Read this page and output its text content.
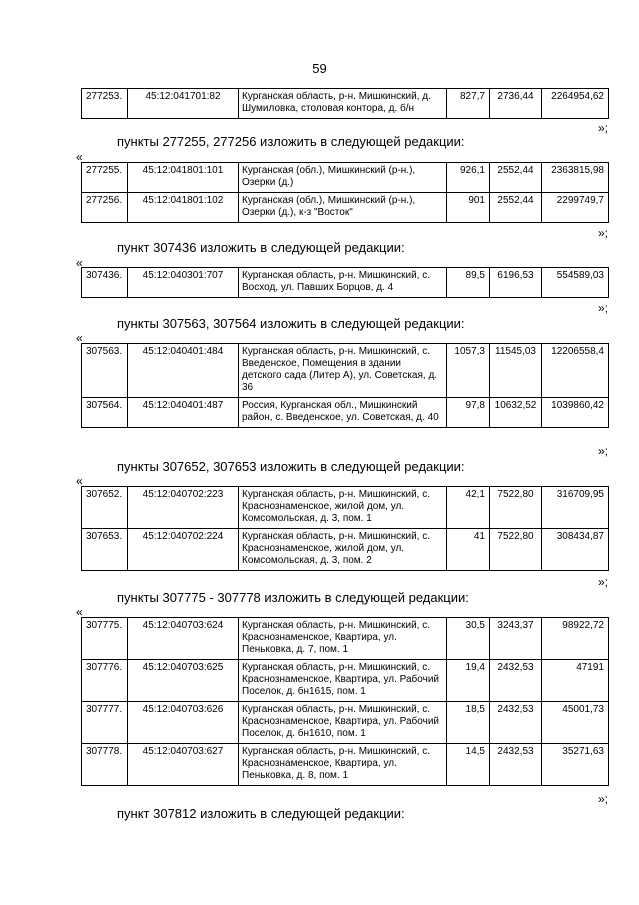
59
277253.	45:12:041701:82	Курганская область, р-н. Мишкинский, д. Шумиловка, столовая контора, д. б/н	827,7	2736,44	2264954,62
»;
пункты 277255, 277256 изложить в следующей редакции:
«
277255.	45:12:041801:101	Курганская (обл.), Мишкинский (р-н.), Озерки (д.)	926,1	2552,44	2363815,98
277256.	45:12:041801:102	Курганская (обл.), Мишкинский (р-н.), Озерки (д.), к-з "Восток"	901	2552,44	2299749,7
»;
пункт 307436 изложить в следующей редакции:
«
307436.	45:12:040301:707	Курганская область, р-н. Мишкинский, с. Восход, ул. Павших Борцов, д. 4	89,5	6196,53	554589,03
»;
пункты 307563, 307564 изложить в следующей редакции:
«
307563.	45:12:040401:484	Курганская область, р-н. Мишкинский, с. Введенское, Помещения в здании детского сада (Литер А), ул. Советская, д. 36	1057,3	11545,03	12206558,4
307564.	45:12:040401:487	Россия, Курганская обл., Мишкинский район, с. Введенское, ул. Советская, д. 40	97,8	10632,52	1039860,42
»;
пункты 307652, 307653 изложить в следующей редакции:
«
307652.	45:12:040702:223	Курганская область, р-н. Мишкинский, с. Краснознаменское, жилой дом, ул. Комсомольская, д. 3, пом. 1	42,1	7522,80	316709,95
307653.	45:12:040702:224	Курганская область, р-н. Мишкинский, с. Краснознаменское, жилой дом, ул. Комсомольская, д. 3, пом. 2	41	7522,80	308434,87
»;
пункты 307775 - 307778 изложить в следующей редакции:
«
307775.	45:12:040703:624	Курганская область, р-н. Мишкинский, с. Краснознаменское, Квартира, ул. Пеньковка, д. 7, пом. 1	30,5	3243,37	98922,72
307776.	45:12:040703:625	Курганская область, р-н. Мишкинский, с. Краснознаменское, Квартира, ул. Рабочий Поселок, д. бн1615, пом. 1	19,4	2432,53	47191
307777.	45:12:040703:626	Курганская область, р-н. Мишкинский, с. Краснознаменское, Квартира, ул. Рабочий Поселок, д. бн1610, пом. 1	18,5	2432,53	45001,73
307778.	45:12:040703:627	Курганская область, р-н. Мишкинский, с. Краснознаменское, Квартира, ул. Пеньковка, д. 8, пом. 1	14,5	2432,53	35271,63
»;
пункт 307812 изложить в следующей редакции:
